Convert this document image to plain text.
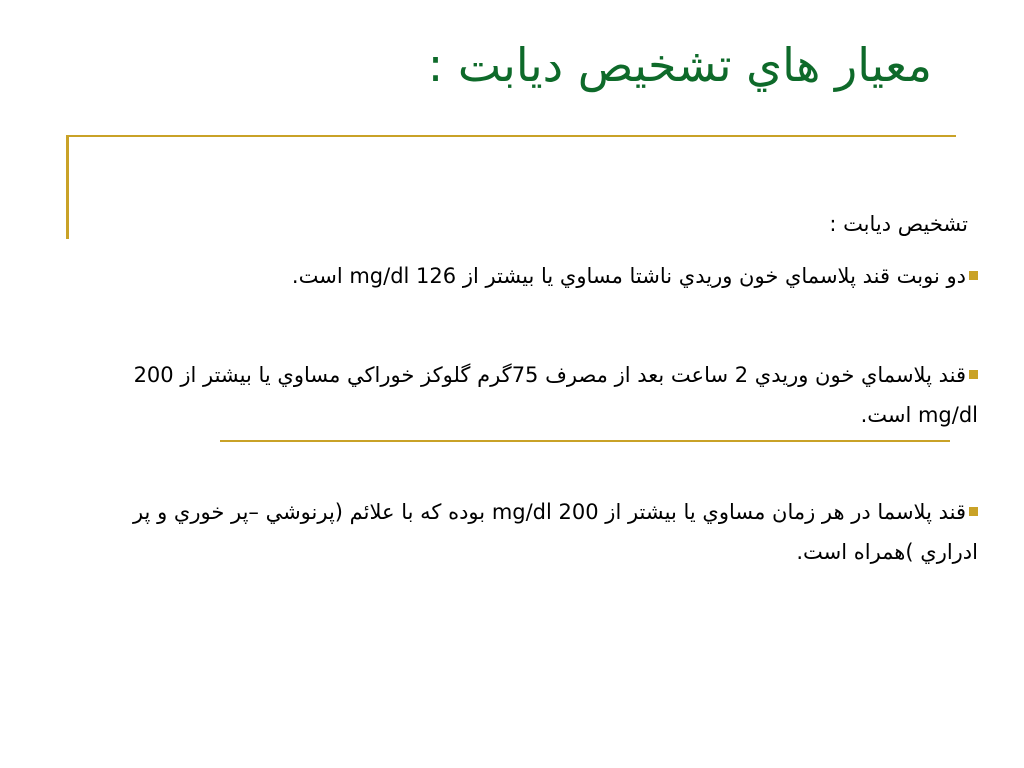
معيار هاي تشخيص ديابت :
تشخيص ديابت :
دو نوبت قند پلاسماي خون وريدي ناشتا مساوي يا بيشتر از 126 mg/dl است.
قند پلاسماي خون وريدي 2 ساعت بعد از مصرف 75گرم گلوكز خوراكي مساوي يا بيشتر از 200 mg/dl است.
قند پلاسما در هر زمان مساوي يا بيشتر از 200 mg/dl بوده كه با علائم (پرنوشي –پر خوري و پر ادراري )همراه است.
